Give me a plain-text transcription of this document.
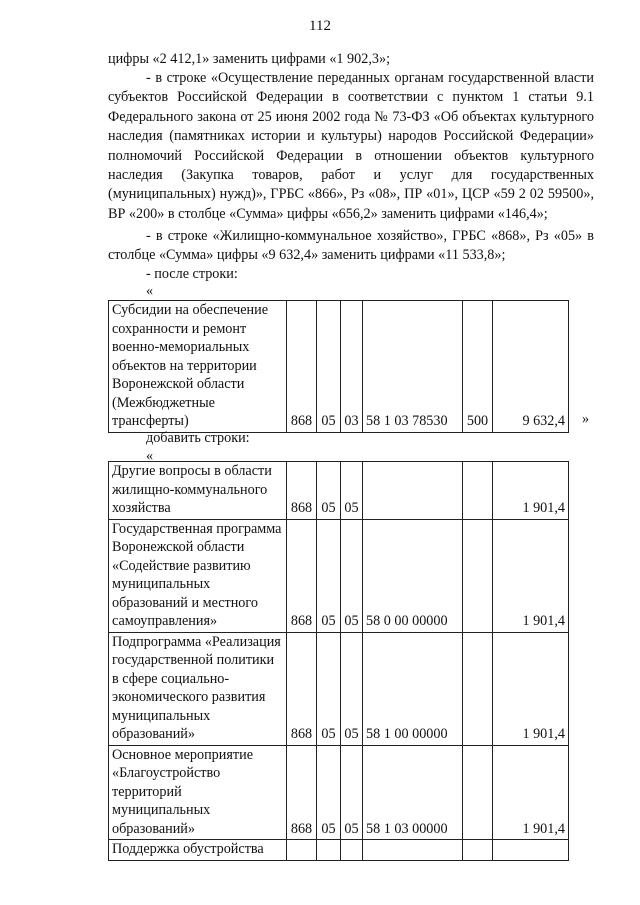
112

цифры «2 412,1» заменить цифрами «1 902,3»;

- в строке «Осуществление переданных органам государственной власти субъектов Российской Федерации в соответствии с пунктом 1 статьи 9.1 Федерального закона от 25 июня 2002 года № 73-ФЗ «Об объектах культурного наследия (памятниках истории и культуры) народов Российской Федерации» полномочий Российской Федерации в отношении объектов культурного наследия (Закупка товаров, работ и услуг для государственных (муниципальных) нужд)», ГРБС «866», Рз «08», ПР «01», ЦСР «59 2 02 59500», ВР «200» в столбце «Сумма» цифры «656,2» заменить цифрами «146,4»;

- в строке «Жилищно-коммунальное хозяйство», ГРБС «868», Рз «05» в столбце «Сумма» цифры «9 632,4» заменить цифрами «11 533,8»;

- после строки:

«
Субсидии на обеспечение сохранности и ремонт военно-мемориальных объектов на территории Воронежской области (Межбюджетные трансферты)	868	05	03	58 1 03 78530	500	9 632,4 »
добавить строки:
«
Другие вопросы в области жилищно-коммунального хозяйства	868	05	05			1 901,4
Государственная программа Воронежской области «Содействие развитию муниципальных образований и местного самоуправления»	868	05	05	58 0 00 00000		1 901,4
Подпрограмма «Реализация государственной политики в сфере социально-экономического развития муниципальных образований»	868	05	05	58 1 00 00000		1 901,4
Основное мероприятие «Благоустройство территорий муниципальных образований»	868	05	05	58 1 03 00000		1 901,4
Поддержка обустройства						
